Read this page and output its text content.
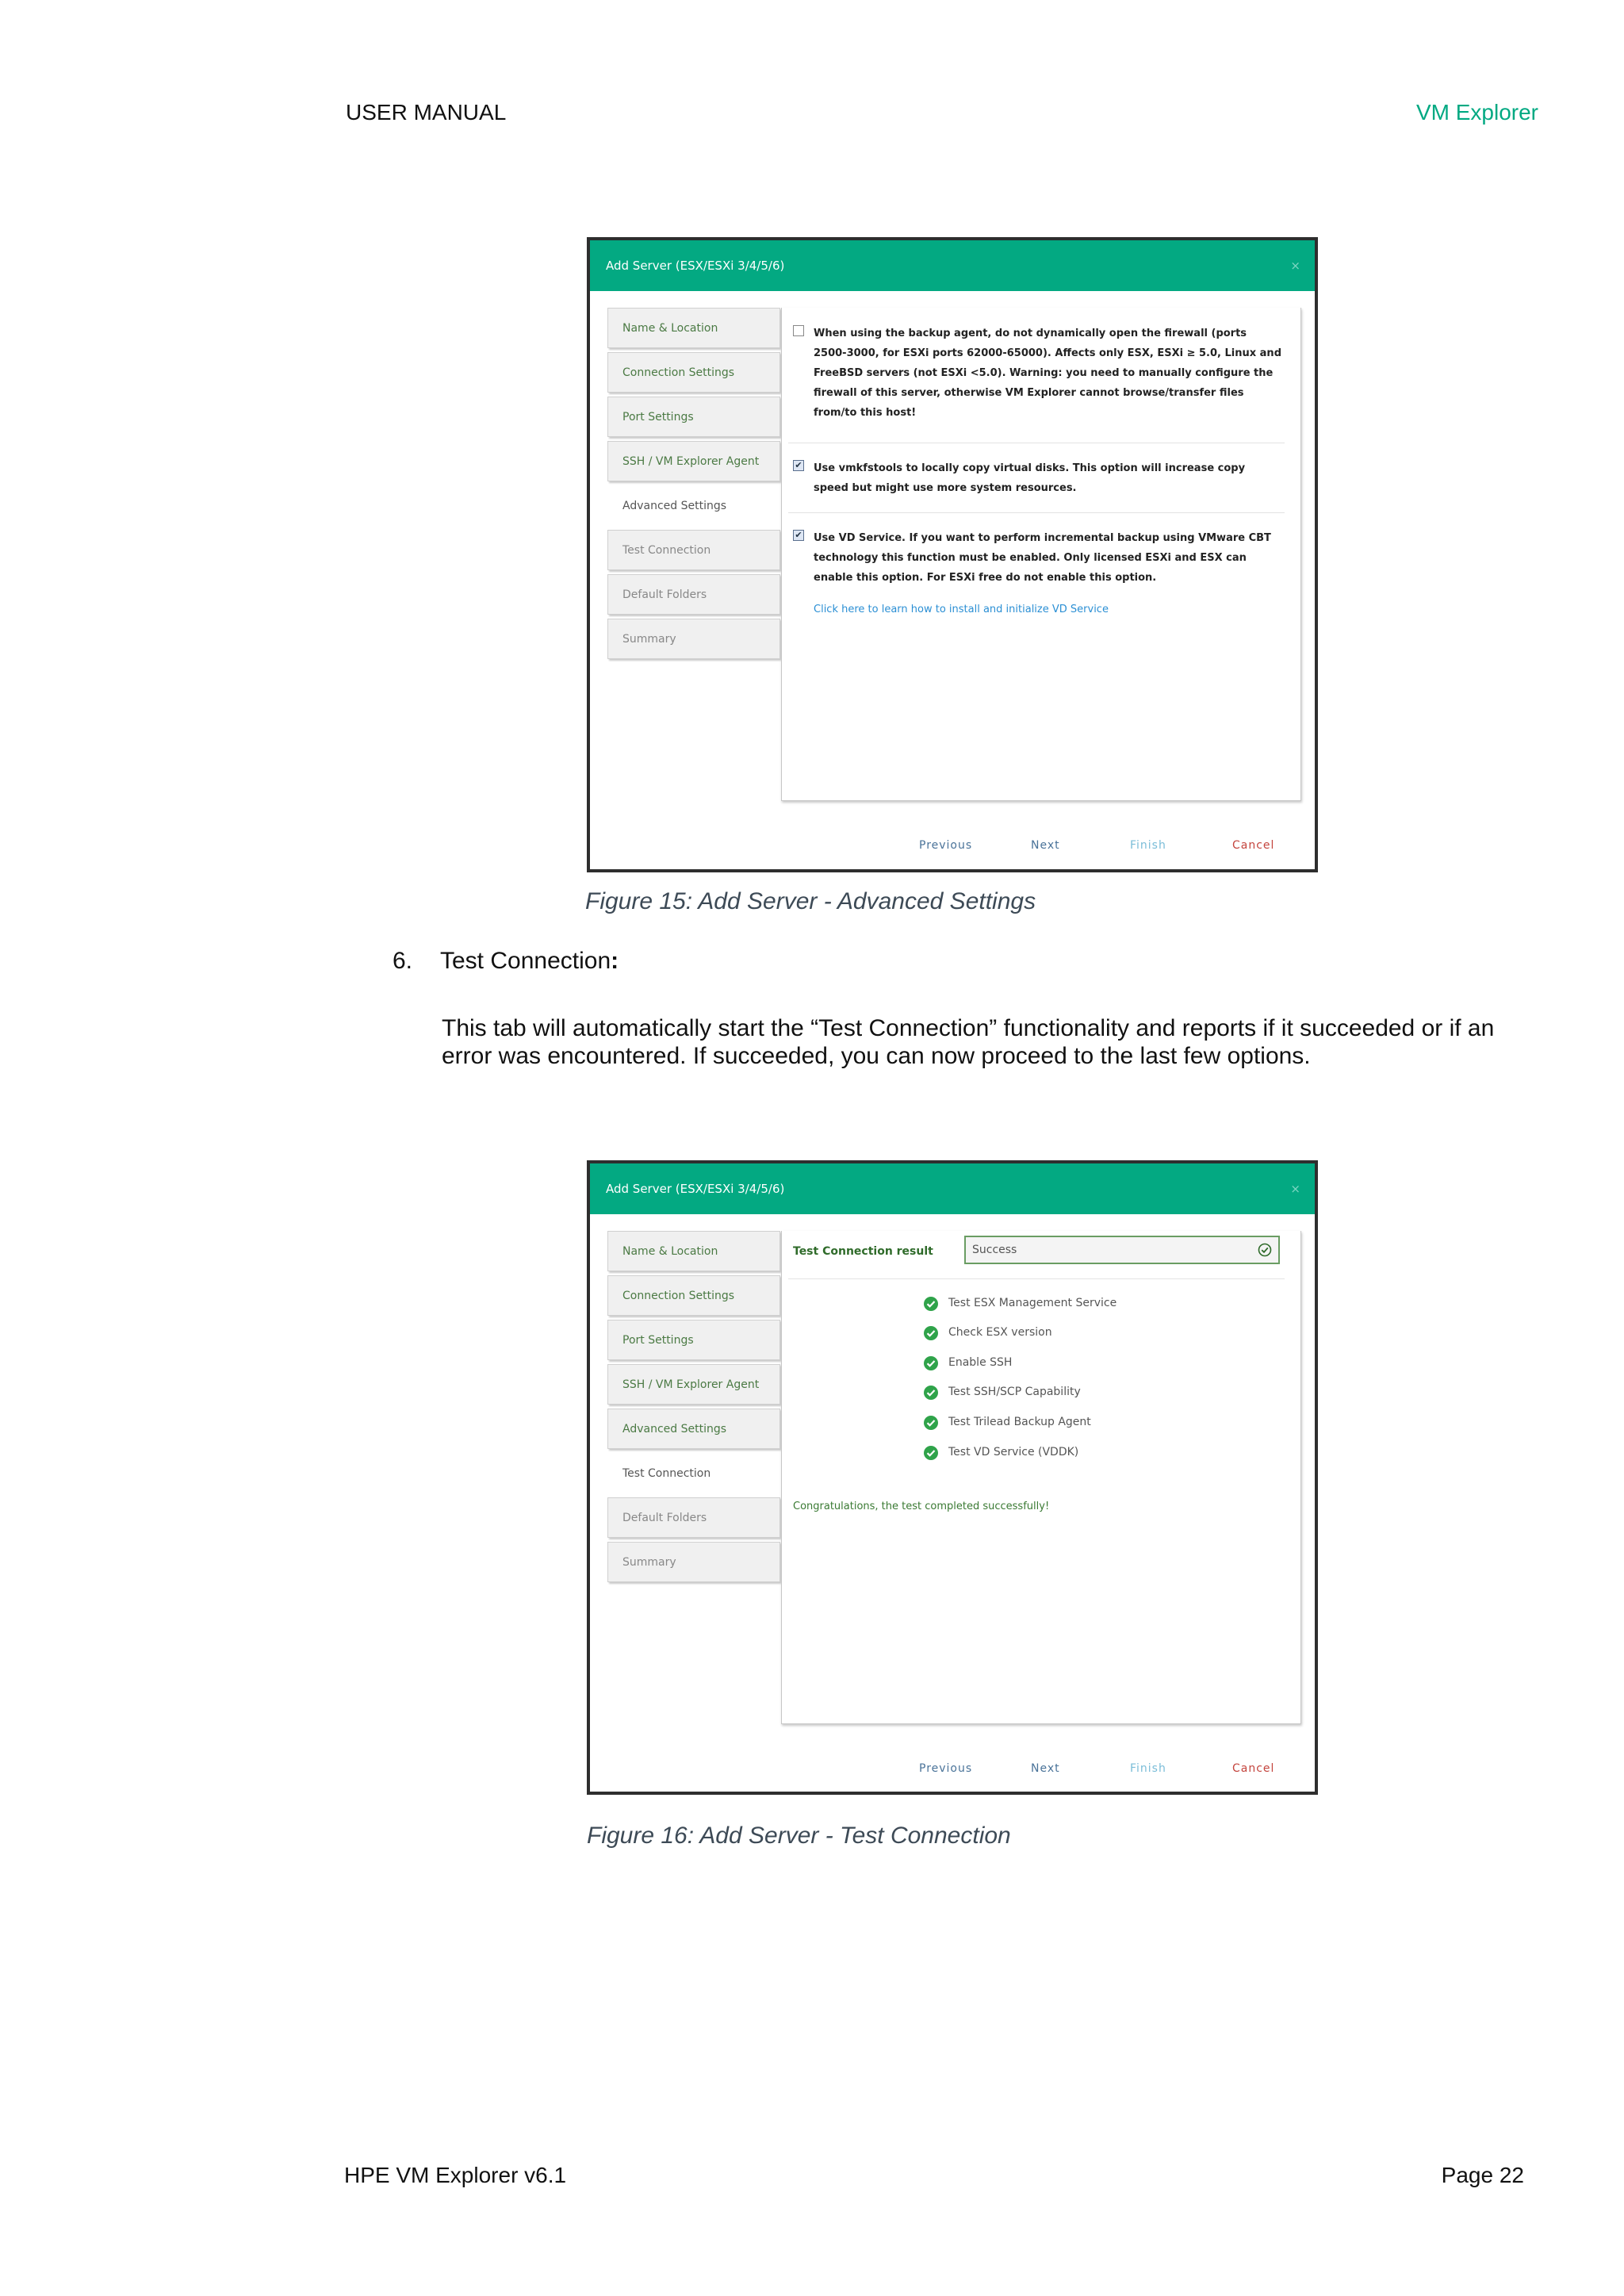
USER MANUAL	VM Explorer
Add Server (ESX/ESXi 3/4/5/6)	×
Name & Location
Connection Settings
Port Settings
SSH / VM Explorer Agent
Advanced Settings
Test Connection
Default Folders
Summary
When using the backup agent, do not dynamically open the firewall (ports 2500-3000, for ESXi ports 62000-65000). Affects only ESX, ESXi ≥ 5.0, Linux and FreeBSD servers (not ESXi <5.0). Warning: you need to manually configure the firewall of this server, otherwise VM Explorer cannot browse/transfer files from/to this host!
✔ Use vmkfstools to locally copy virtual disks. This option will increase copy speed but might use more system resources.
✔ Use VD Service. If you want to perform incremental backup using VMware CBT technology this function must be enabled. Only licensed ESXi and ESX can enable this option. For ESXi free do not enable this option.
Click here to learn how to install and initialize VD Service
Previous	Next	Finish	Cancel
Figure 15: Add Server - Advanced Settings
6. Test Connection:
This tab will automatically start the “Test Connection” functionality and reports if it succeeded or if an error was encountered. If succeeded, you can now proceed to the last few options.
Add Server (ESX/ESXi 3/4/5/6)	×
Name & Location
Connection Settings
Port Settings
SSH / VM Explorer Agent
Advanced Settings
Test Connection
Default Folders
Summary
Test Connection result	Success
Test ESX Management Service
Check ESX version
Enable SSH
Test SSH/SCP Capability
Test Trilead Backup Agent
Test VD Service (VDDK)
Congratulations, the test completed successfully!
Previous	Next	Finish	Cancel
Figure 16: Add Server - Test Connection
HPE VM Explorer v6.1	Page 22
